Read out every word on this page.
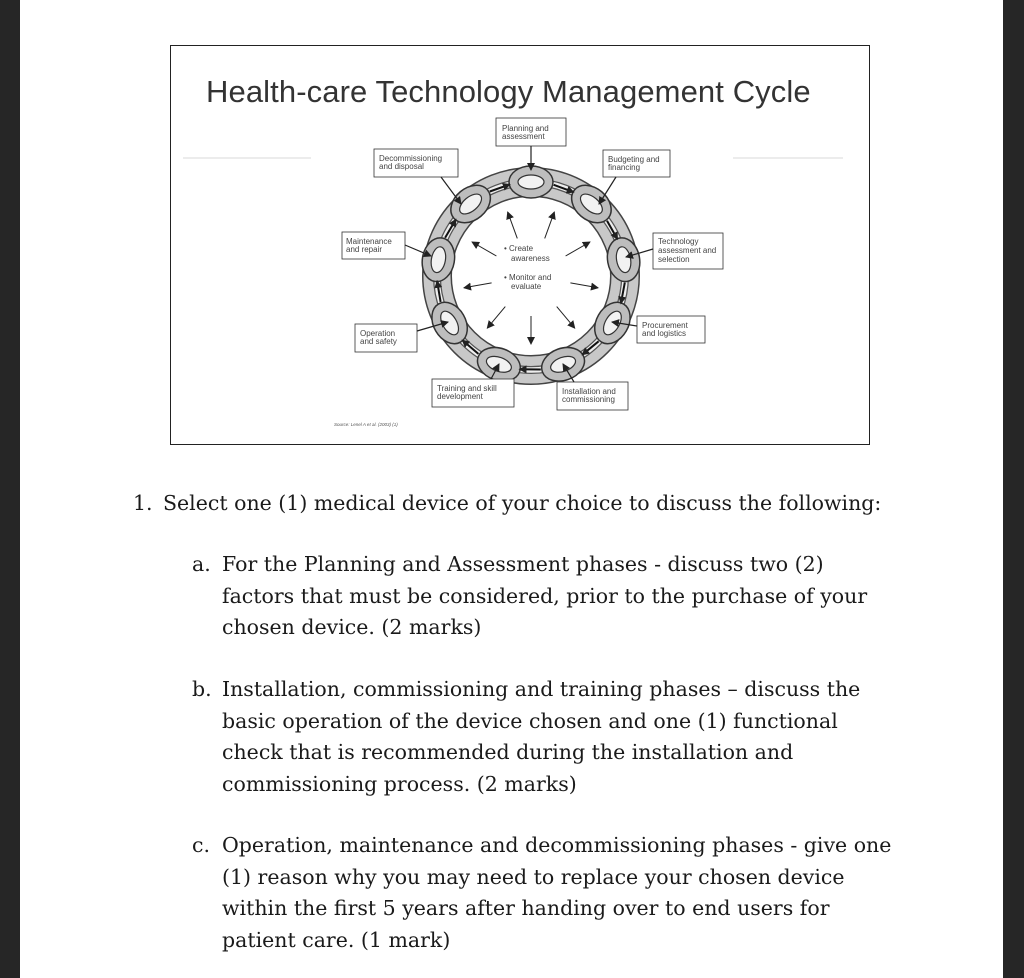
Health-care Technology Management Cycle
• Create awareness
• Monitor and evaluate
Planning and assessment
Budgeting and financing
Technology assessment and selection
Procurement and logistics
Installation and commissioning
Training and skill development
Operation and safety
Maintenance and repair
Decommissioning and disposal
Source: Lenel A et al. (2003) (1)

1. Select one (1) medical device of your choice to discuss the following:

a. For the Planning and Assessment phases - discuss two (2)
factors that must be considered, prior to the purchase of your
chosen device. (2 marks)
b. Installation, commissioning and training phases – discuss the
basic operation of the device chosen and one (1) functional
check that is recommended during the installation and
commissioning process. (2 marks)
c. Operation, maintenance and decommissioning phases - give one
(1) reason why you may need to replace your chosen device
within the first 5 years after handing over to end users for
patient care. (1 mark)
